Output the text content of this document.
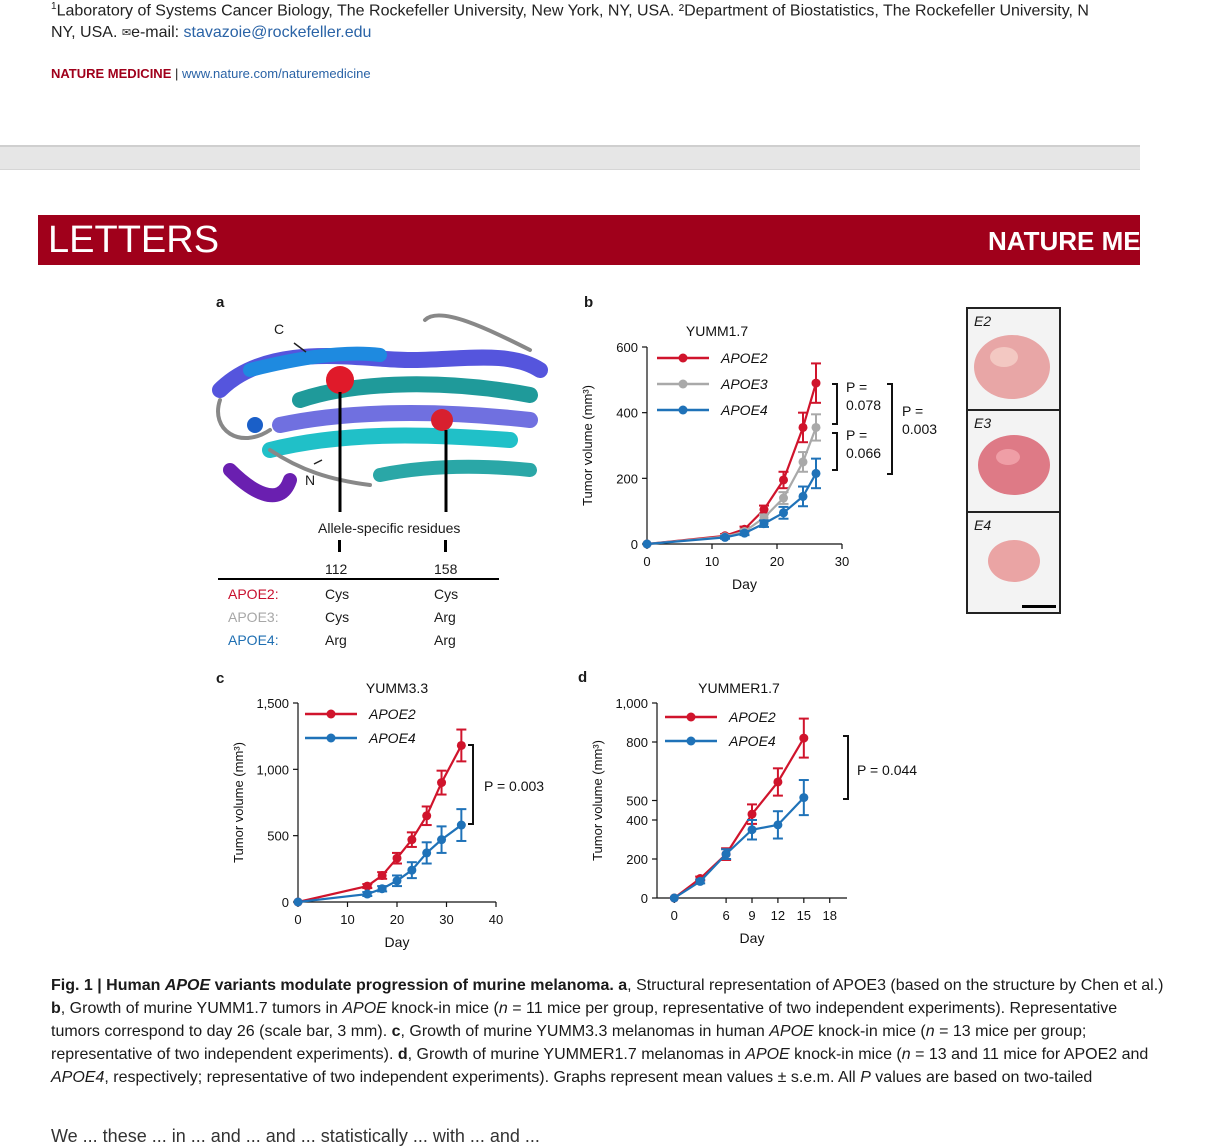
$^1$Laboratory of Systems Cancer Biology, The Rockefeller University, New York, NY, USA. ²Department of Biostatistics, The Rockefeller University, N
NY, USA. ✉e-mail: stavazoie@rockefeller.edu
NATURE MEDICINE | www.nature.com/naturemedicine
LETTERS	NATURE MEDICINE
a
C
N
Allele-specific residues
112	158
APOE2:	Cys	Cys
APOE3:	Cys	Arg
APOE4:	Arg	Arg
b
c	d
YUMM1.7
0
200
400
600
0	10	20	30
Day
Tumor volume (mm³)
APOE2
APOE3
APOE4
P =
0.078
P =
0.066
P =
0.003
YUMM3.3
0
500
1,000
1,500
0	10	20	30	40
Day
Tumor volume (mm³)
APOE2
APOE4
P = 0.003
YUMMER1.7
0
200
400
500
800
1,000
0	6 9 12 15 18
Day
Tumor volume (mm³)
APOE2
APOE4
P = 0.044
E2
E3
E4
Fig. 1 | Human APOE variants modulate progression of murine melanoma. a, Structural representation of APOE3 (based on the structure by Chen et al.)
b, Growth of murine YUMM1.7 tumors in APOE knock-in mice (n = 11 mice per group, representative of two independent experiments). Representative
tumors correspond to day 26 (scale bar, 3 mm). c, Growth of murine YUMM3.3 melanomas in human APOE knock-in mice (n = 13 mice per group;
representative of two independent experiments). d, Growth of murine YUMMER1.7 melanomas in APOE knock-in mice (n = 13 and 11 mice for APOE2 and
APOE4, respectively; representative of two independent experiments). Graphs represent mean values ± s.e.m. All P values are based on two-tailed
We ... these ... in ... and ... and ... statistically ... with ... and ...
